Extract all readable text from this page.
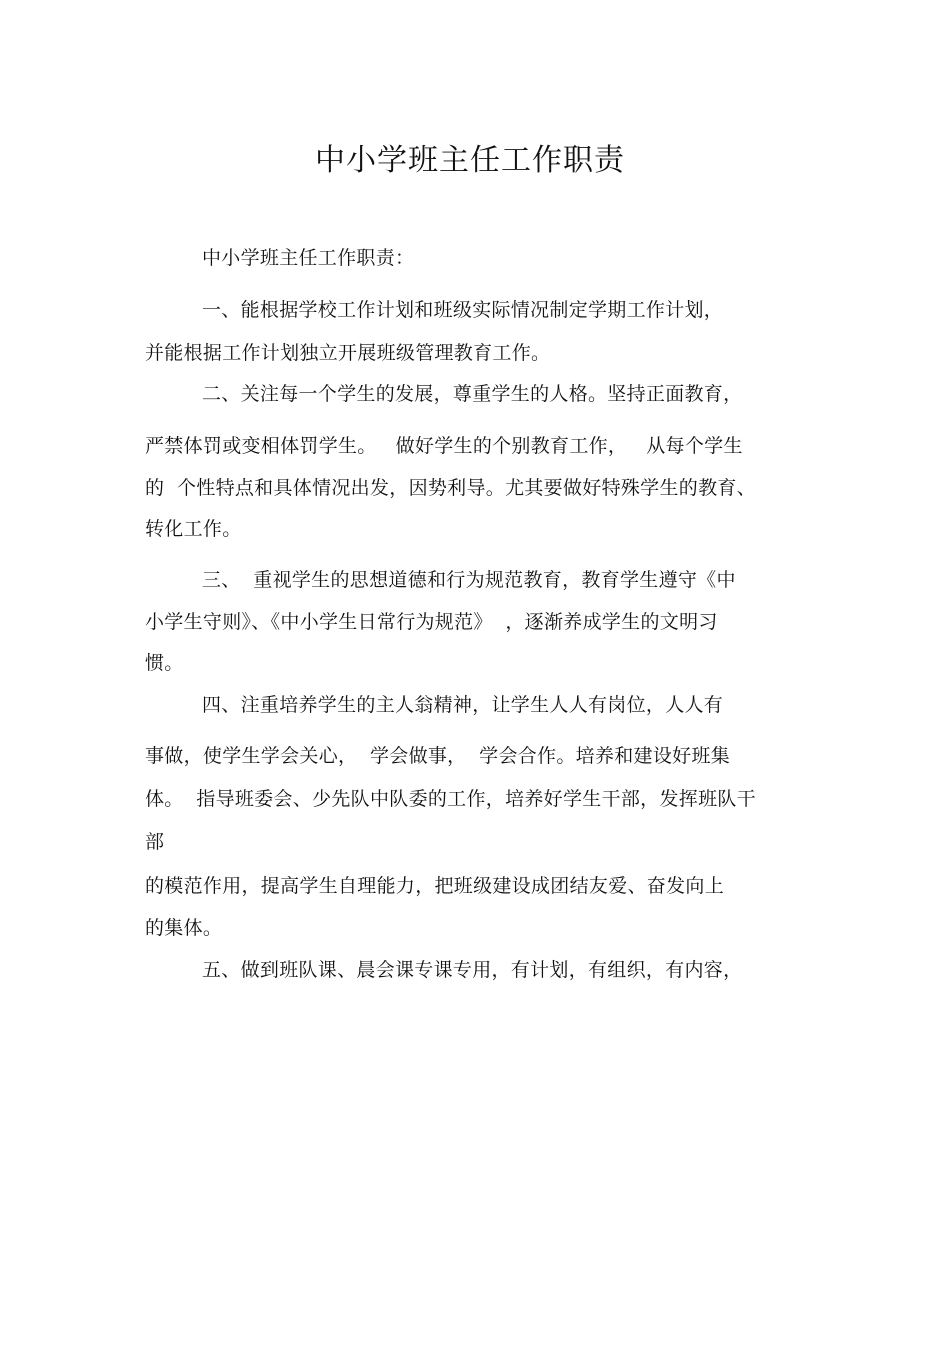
中小学班主任工作职责
中小学班主任工作职责：
一、能根据学校工作计划和班级实际情况制定学期工作计划，
并能根据工作计划独立开展班级管理教育工作。
二、关注每一个学生的发展，尊重学生的人格。坚持正面教育，
严禁体罚或变相体罚学生。   做好学生的个别教育工作，   从每个学生
的  个性特点和具体情况出发，因势利导。尤其要做好特殊学生的教育、
转化工作。
三、  重视学生的思想道德和行为规范教育，教育学生遵守《中
小学生守则》、《中小学生日常行为规范》  ，逐渐养成学生的文明习
惯。
四、注重培养学生的主人翁精神，让学生人人有岗位，人人有
事做，使学生学会关心，  学会做事，  学会合作。培养和建设好班集
体。  指导班委会、少先队中队委的工作，培养好学生干部，发挥班队干
部
的模范作用，提高学生自理能力，把班级建设成团结友爱、奋发向上
的集体。
五、做到班队课、晨会课专课专用，有计划，有组织，有内容，
